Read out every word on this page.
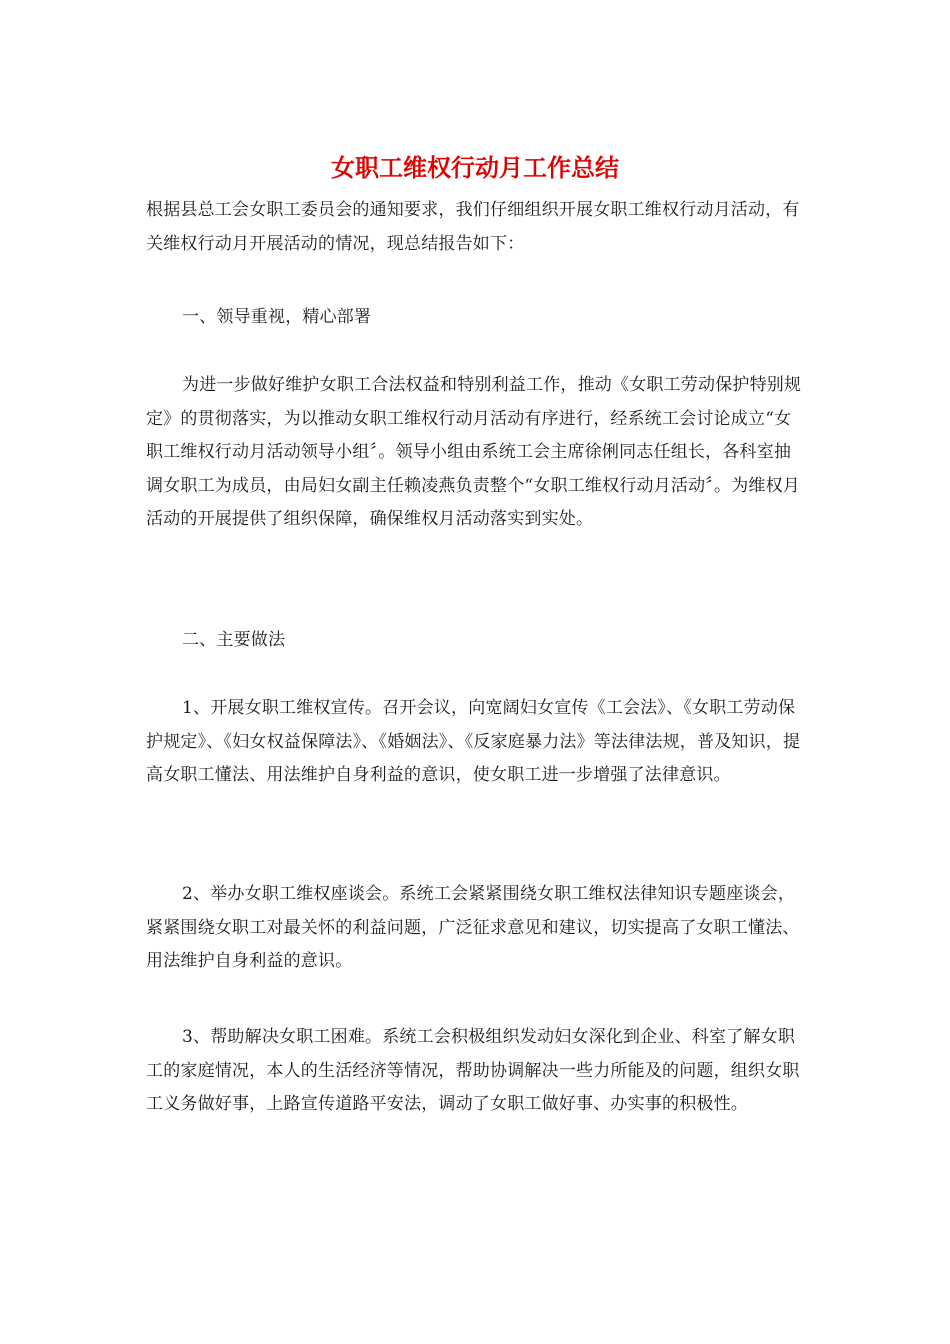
女职工维权行动月工作总结

根据县总工会女职工委员会的通知要求，我们仔细组织开展女职工维权行动月活动，有关维权行动月开展活动的情况，现总结报告如下：

一、领导重视，精心部署

为进一步做好维护女职工合法权益和特别利益工作，推动《女职工劳动保护特别规定》的贯彻落实，为以推动女职工维权行动月活动有序进行，经系统工会讨论成立“女职工维权行动月活动领导小组〞。领导小组由系统工会主席徐俐同志任组长，各科室抽调女职工为成员，由局妇女副主任赖凌燕负责整个“女职工维权行动月活动〞。为维权月活动的开展提供了组织保障，确保维权月活动落实到实处。

二、主要做法

1、开展女职工维权宣传。召开会议，向宽阔妇女宣传《工会法》、《女职工劳动保护规定》、《妇女权益保障法》、《婚姻法》、《反家庭暴力法》等法律法规，普及知识，提高女职工懂法、用法维护自身利益的意识，使女职工进一步增强了法律意识。

2、举办女职工维权座谈会。系统工会紧紧围绕女职工维权法律知识专题座谈会，紧紧围绕女职工对最关怀的利益问题，广泛征求意见和建议，切实提高了女职工懂法、用法维护自身利益的意识。

3、帮助解决女职工困难。系统工会积极组织发动妇女深化到企业、科室了解女职工的家庭情况，本人的生活经济等情况，帮助协调解决一些力所能及的问题，组织女职工义务做好事，上路宣传道路平安法，调动了女职工做好事、办实事的积极性。
